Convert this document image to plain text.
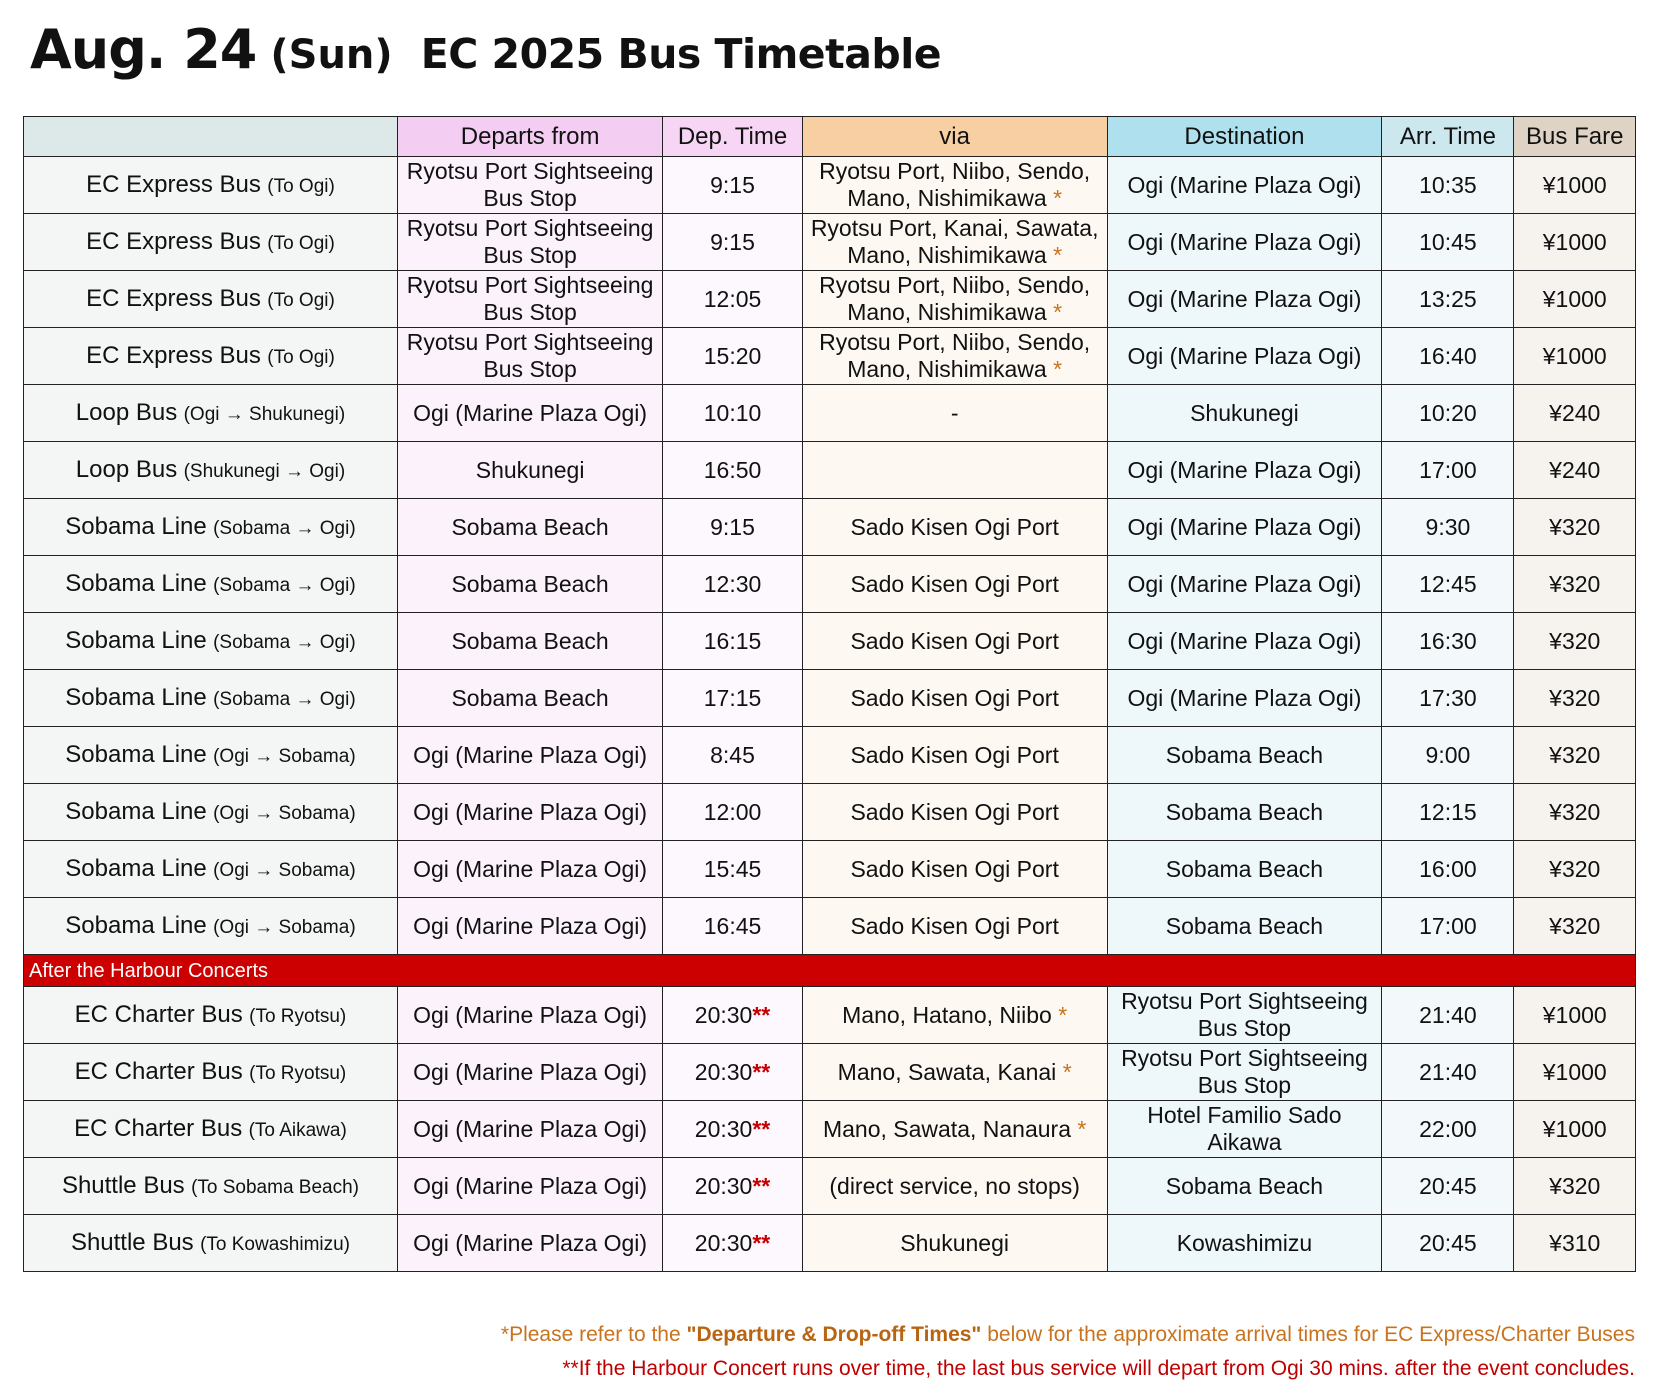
Aug. 24 (Sun) EC 2025 Bus Timetable
	Departs from	Dep. Time	via	Destination	Arr. Time	Bus Fare
EC Express Bus (To Ogi)	Ryotsu Port Sightseeing Bus Stop	9:15	Ryotsu Port, Niibo, Sendo, Mano, Nishimikawa *	Ogi (Marine Plaza Ogi)	10:35	¥1000
EC Express Bus (To Ogi)	Ryotsu Port Sightseeing Bus Stop	9:15	Ryotsu Port, Kanai, Sawata, Mano, Nishimikawa *	Ogi (Marine Plaza Ogi)	10:45	¥1000
EC Express Bus (To Ogi)	Ryotsu Port Sightseeing Bus Stop	12:05	Ryotsu Port, Niibo, Sendo, Mano, Nishimikawa *	Ogi (Marine Plaza Ogi)	13:25	¥1000
EC Express Bus (To Ogi)	Ryotsu Port Sightseeing Bus Stop	15:20	Ryotsu Port, Niibo, Sendo, Mano, Nishimikawa *	Ogi (Marine Plaza Ogi)	16:40	¥1000
Loop Bus (Ogi → Shukunegi)	Ogi (Marine Plaza Ogi)	10:10	-	Shukunegi	10:20	¥240
Loop Bus (Shukunegi → Ogi)	Shukunegi	16:50		Ogi (Marine Plaza Ogi)	17:00	¥240
Sobama Line (Sobama → Ogi)	Sobama Beach	9:15	Sado Kisen Ogi Port	Ogi (Marine Plaza Ogi)	9:30	¥320
Sobama Line (Sobama → Ogi)	Sobama Beach	12:30	Sado Kisen Ogi Port	Ogi (Marine Plaza Ogi)	12:45	¥320
Sobama Line (Sobama → Ogi)	Sobama Beach	16:15	Sado Kisen Ogi Port	Ogi (Marine Plaza Ogi)	16:30	¥320
Sobama Line (Sobama → Ogi)	Sobama Beach	17:15	Sado Kisen Ogi Port	Ogi (Marine Plaza Ogi)	17:30	¥320
Sobama Line (Ogi → Sobama)	Ogi (Marine Plaza Ogi)	8:45	Sado Kisen Ogi Port	Sobama Beach	9:00	¥320
Sobama Line (Ogi → Sobama)	Ogi (Marine Plaza Ogi)	12:00	Sado Kisen Ogi Port	Sobama Beach	12:15	¥320
Sobama Line (Ogi → Sobama)	Ogi (Marine Plaza Ogi)	15:45	Sado Kisen Ogi Port	Sobama Beach	16:00	¥320
Sobama Line (Ogi → Sobama)	Ogi (Marine Plaza Ogi)	16:45	Sado Kisen Ogi Port	Sobama Beach	17:00	¥320
After the Harbour Concerts						
EC Charter Bus (To Ryotsu)	Ogi (Marine Plaza Ogi)	20:30**	Mano, Hatano, Niibo *	Ryotsu Port Sightseeing Bus Stop	21:40	¥1000
EC Charter Bus (To Ryotsu)	Ogi (Marine Plaza Ogi)	20:30**	Mano, Sawata, Kanai *	Ryotsu Port Sightseeing Bus Stop	21:40	¥1000
EC Charter Bus (To Aikawa)	Ogi (Marine Plaza Ogi)	20:30**	Mano, Sawata, Nanaura *	Hotel Familio Sado Aikawa	22:00	¥1000
Shuttle Bus (To Sobama Beach)	Ogi (Marine Plaza Ogi)	20:30**	(direct service, no stops)	Sobama Beach	20:45	¥320
Shuttle Bus (To Kowashimizu)	Ogi (Marine Plaza Ogi)	20:30**	Shukunegi	Kowashimizu	20:45	¥310
*Please refer to the "Departure & Drop-off Times" below for the approximate arrival times for EC Express/Charter Buses
**If the Harbour Concert runs over time, the last bus service will depart from Ogi 30 mins. after the event concludes.
